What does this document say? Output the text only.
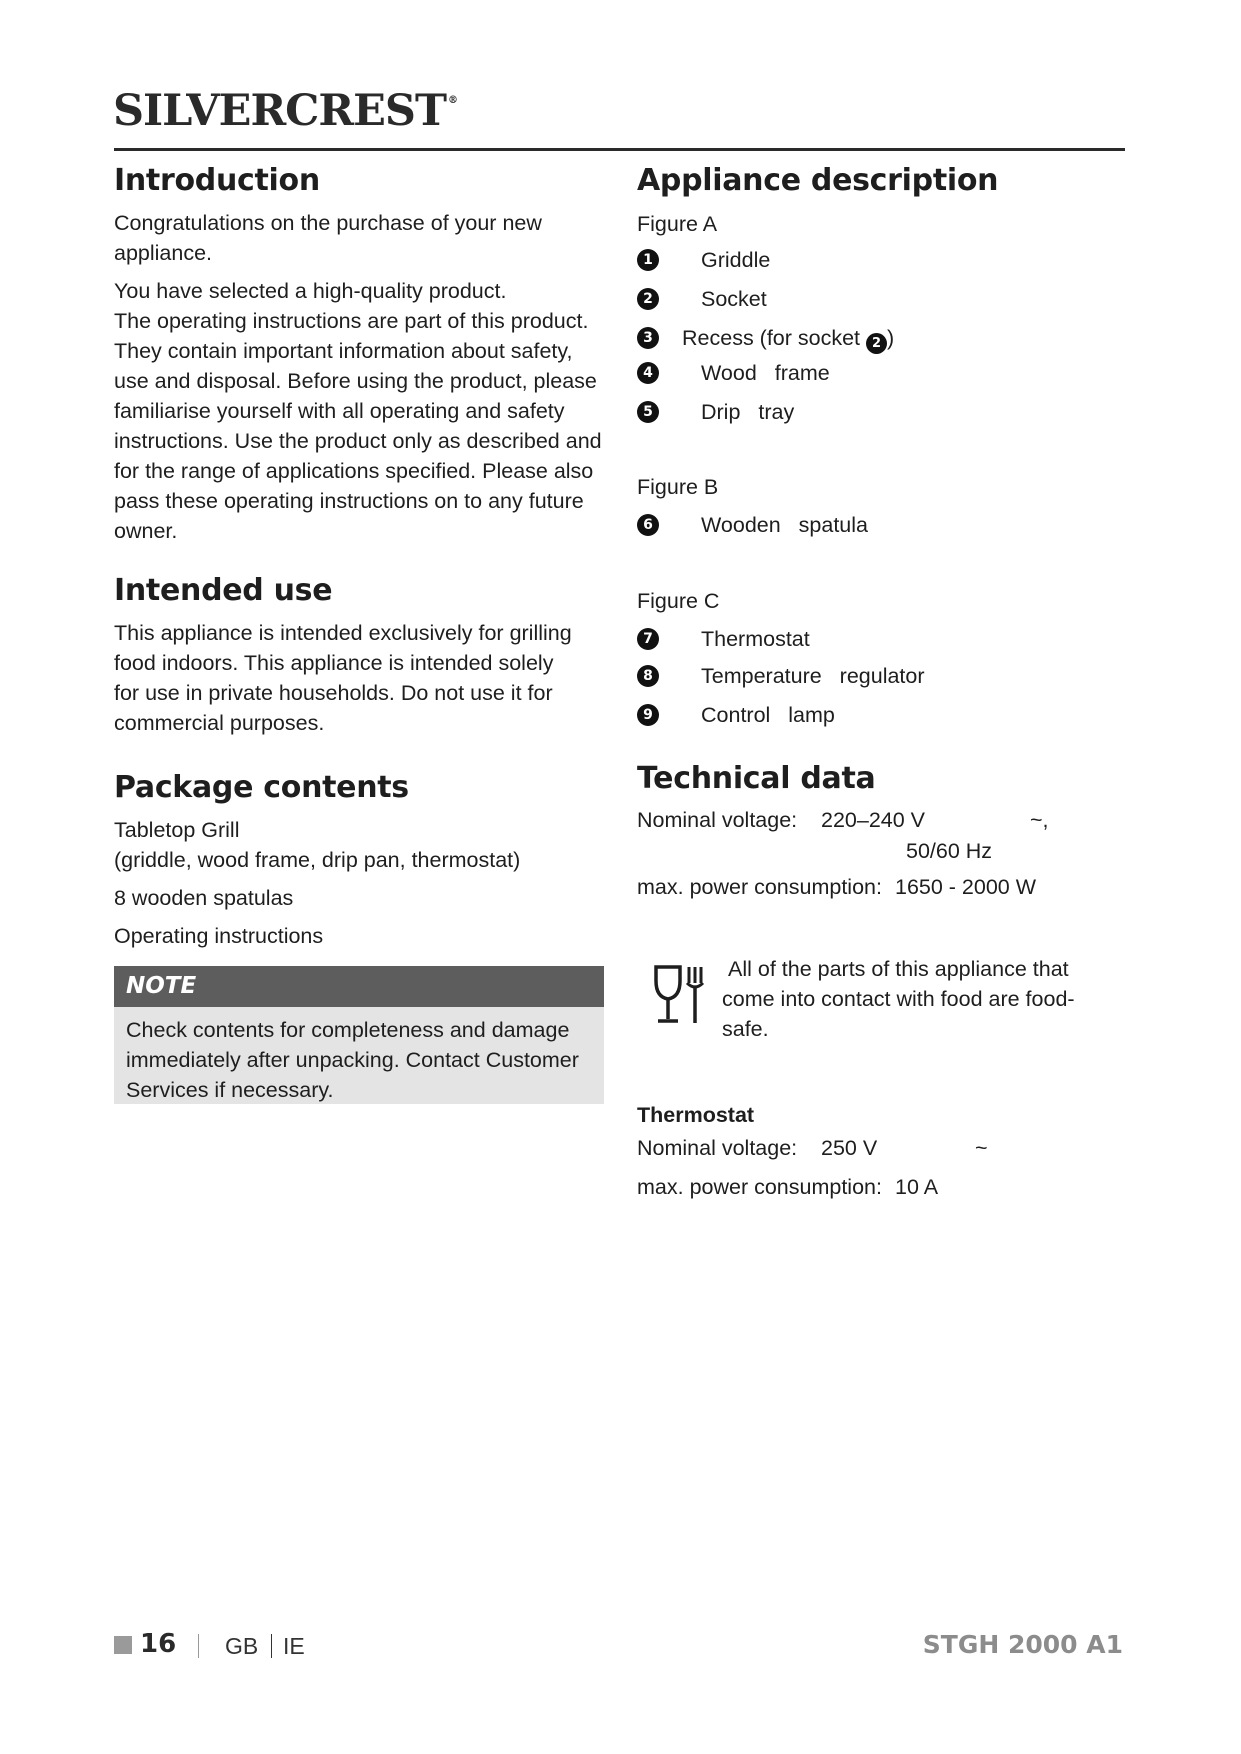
SILVERCREST ®
Introduction

Congratulations on the purchase of your new

appliance.

You have selected a high-quality product.

The operating instructions are part of this product.

They contain important information about safety,

use and disposal. Before using the product, please

familiarise yourself with all operating and safety

instructions. Use the product only as described and

for the range of applications specified. Please also

pass these operating instructions on to any future

owner.

Intended use

This appliance is intended exclusively for grilling

food indoors. This appliance is intended solely

for use in private households. Do not use it for

commercial purposes.

Package contents

Tabletop Grill

(griddle, wood frame, drip pan, thermostat)

8 wooden spatulas

Operating instructions

NOTE
Check contents for completeness and damage
immediately after unpacking. Contact Customer
Services if necessary.
Appliance description
Figure A
1 Griddle
2 Socket
3 Recess (for socket 2 )
4 Wood frame
5 Drip tray
Figure B
6 Wooden spatula
Figure C
7 Thermostat
8 Temperature regulator
9 Control lamp
Technical data
Nominal voltage: 220–240 V	~,
50/60 Hz
max. power consumption: 1650 - 2000 W

All of the parts of this appliance that

come into contact with food are food-

safe.

Thermostat
Nominal voltage: 250 V	~
max. power consumption: 10 A
16 GB IE	STGH 2000 A1
